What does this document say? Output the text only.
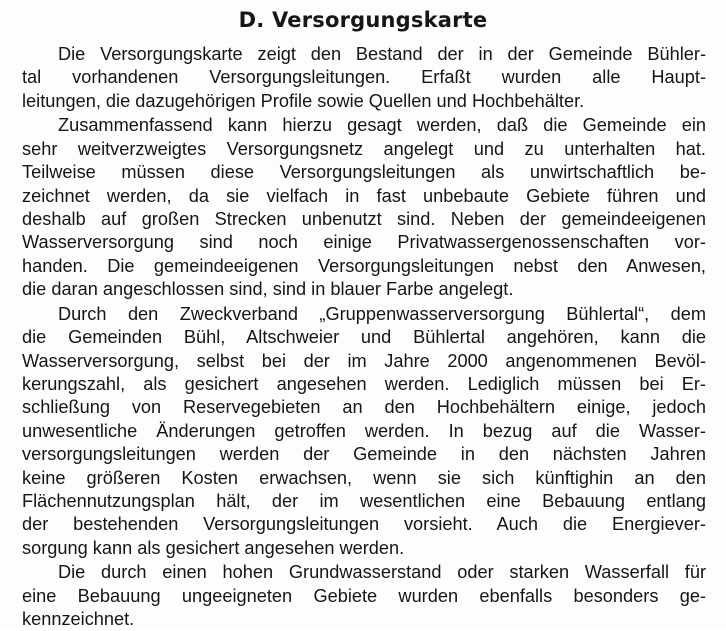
D. Versorgungskarte
Die Versorgungskarte zeigt den Bestand der in der Gemeinde Bühler-
tal vorhandenen Versorgungsleitungen. Erfaßt wurden alle Haupt-
leitungen, die dazugehörigen Profile sowie Quellen und Hochbehälter.
Zusammenfassend kann hierzu gesagt werden, daß die Gemeinde ein
sehr weitverzweigtes Versorgungsnetz angelegt und zu unterhalten hat.
Teilweise müssen diese Versorgungsleitungen als unwirtschaftlich be-
zeichnet werden, da sie vielfach in fast unbebaute Gebiete führen und
deshalb auf großen Strecken unbenutzt sind. Neben der gemeindeeigenen
Wasserversorgung sind noch einige Privatwassergenossenschaften vor-
handen. Die gemeindeeigenen Versorgungsleitungen nebst den Anwesen,
die daran angeschlossen sind, sind in blauer Farbe angelegt.
Durch den Zweckverband „Gruppenwasserversorgung Bühlertal“, dem
die Gemeinden Bühl, Altschweier und Bühlertal angehören, kann die
Wasserversorgung, selbst bei der im Jahre 2000 angenommenen Bevöl-
kerungszahl, als gesichert angesehen werden. Lediglich müssen bei Er-
schließung von Reservegebieten an den Hochbehältern einige, jedoch
unwesentliche Änderungen getroffen werden. In bezug auf die Wasser-
versorgungsleitungen werden der Gemeinde in den nächsten Jahren
keine größeren Kosten erwachsen, wenn sie sich künftighin an den
Flächennutzungsplan hält, der im wesentlichen eine Bebauung entlang
der bestehenden Versorgungsleitungen vorsieht. Auch die Energiever-
sorgung kann als gesichert angesehen werden.
Die durch einen hohen Grundwasserstand oder starken Wasserfall für
eine Bebauung ungeeigneten Gebiete wurden ebenfalls besonders ge-
kennzeichnet.
